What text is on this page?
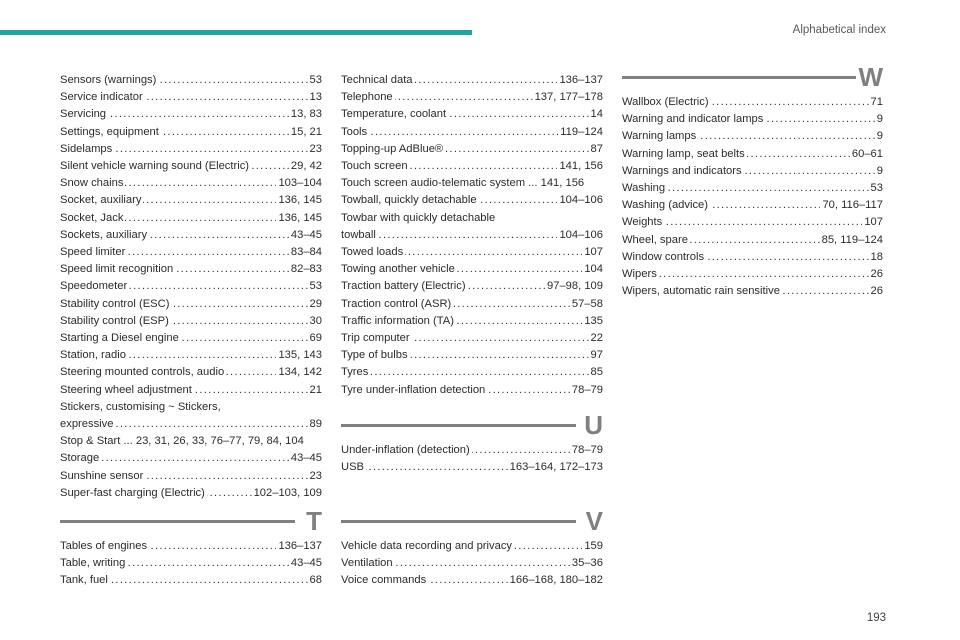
Alphabetical index
Sensors (warnings) . . .	53
Service indicator . . .	13
Servicing . . .	13, 83
Settings, equipment . . .	15, 21
Sidelamps . . .	23
Silent vehicle warning sound (Electric) . . .	29, 42
Snow chains . . .	103–104
Socket, auxiliary . . .	136, 145
Socket, Jack . . .	136, 145
Sockets, auxiliary . . .	43–45
Speed limiter . . .	83–84
Speed limit recognition . . .	82–83
Speedometer . . .	53
Stability control (ESC) . . .	29
Stability control (ESP) . . .	30
Starting a Diesel engine . . .	69
Station, radio . . .	135, 143
Steering mounted controls, audio . . .	134, 142
Steering wheel adjustment . . .	21
Stickers, customising ~ Stickers,
expressive . . .	89
Stop & Start ... 23, 31, 26, 33, 76–77, 79, 84, 104
Storage . . .	43–45
Sunshine sensor . . .	23
Super-fast charging (Electric) . . .	102–103, 109
Technical data . . .	136–137
Telephone . . .	137, 177–178
Temperature, coolant . . .	14
Tools . . .	119–124
Topping-up AdBlue® . . .	87
Touch screen . . .	141, 156
Touch screen audio-telematic system ... 141, 156
Towball, quickly detachable . . .	104–106
Towbar with quickly detachable
towball . . .	104–106
Towed loads . . .	107
Towing another vehicle . . .	104
Traction battery (Electric) . . .	97–98, 109
Traction control (ASR) . . .	57–58
Traffic information (TA) . . .	135
Trip computer . . .	22
Type of bulbs . . .	97
Tyres . . .	85
Tyre under-inflation detection . . .	78–79
W
Wallbox (Electric) . . .	71
Warning and indicator lamps . . .	9
Warning lamps . . .	9
Warning lamp, seat belts . . .	60–61
Warnings and indicators . . .	9
Washing . . .	53
Washing (advice) . . .	70, 116–117
Weights . . .	107
Wheel, spare . . .	85, 119–124
Window controls . . .	18
Wipers . . .	26
Wipers, automatic rain sensitive . . .	26
T
Tables of engines . . .	136–137
Table, writing . . .	43–45
Tank, fuel . . .	68
U
Under-inflation (detection) . . .	78–79
USB . . .	163–164, 172–173
V
Vehicle data recording and privacy . . .	159
Ventilation . . .	35–36
Voice commands . . .	166–168, 180–182
193
